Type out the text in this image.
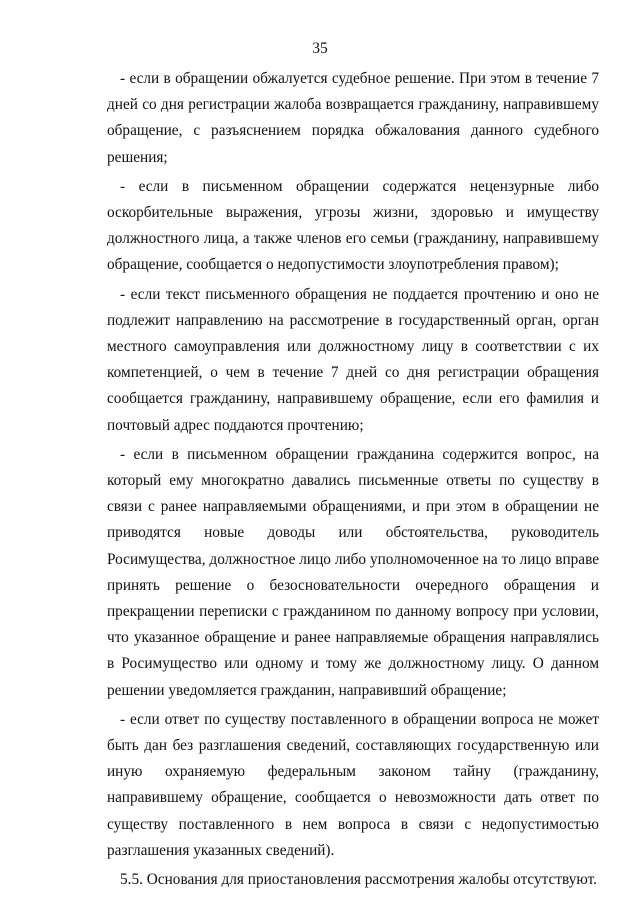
35

- если в обращении обжалуется судебное решение. При этом в течение 7 дней со дня регистрации жалоба возвращается гражданину, направившему обращение, с разъяснением порядка обжалования данного судебного решения;

- если в письменном обращении содержатся нецензурные либо оскорбительные выражения, угрозы жизни, здоровью и имуществу должностного лица, а также членов его семьи (гражданину, направившему обращение, сообщается о недопустимости злоупотребления правом);

- если текст письменного обращения не поддается прочтению и оно не подлежит направлению на рассмотрение в государственный орган, орган местного самоуправления или должностному лицу в соответствии с их компетенцией, о чем в течение 7 дней со дня регистрации обращения сообщается гражданину, направившему обращение, если его фамилия и почтовый адрес поддаются прочтению;

- если в письменном обращении гражданина содержится вопрос, на который ему многократно давались письменные ответы по существу в связи с ранее направляемыми обращениями, и при этом в обращении не приводятся новые доводы или обстоятельства, руководитель Росимущества, должностное лицо либо уполномоченное на то лицо вправе принять решение о безосновательности очередного обращения и прекращении переписки с гражданином по данному вопросу при условии, что указанное обращение и ранее направляемые обращения направлялись в Росимущество или одному и тому же должностному лицу. О данном решении уведомляется гражданин, направивший обращение;

- если ответ по существу поставленного в обращении вопроса не может быть дан без разглашения сведений, составляющих государственную или иную охраняемую федеральным законом тайну (гражданину, направившему обращение, сообщается о невозможности дать ответ по существу поставленного в нем вопроса в связи с недопустимостью разглашения указанных сведений).

5.5. Основания для приостановления рассмотрения жалобы отсутствуют.
